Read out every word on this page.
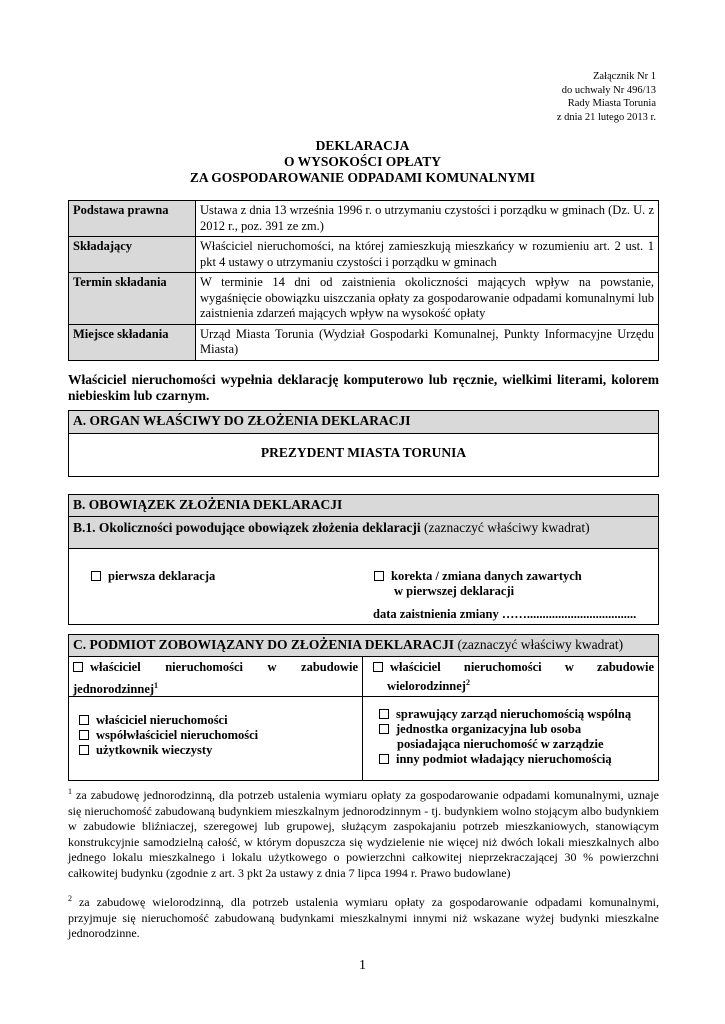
Załącznik Nr 1
do uchwały Nr 496/13
Rady Miasta Torunia
z dnia 21 lutego 2013 r.
DEKLARACJA
O WYSOKOŚCI OPŁATY
ZA GOSPODAROWANIE ODPADAMI KOMUNALNYMI
Podstawa prawna	Ustawa z dnia 13 września 1996 r. o utrzymaniu czystości i porządku w gminach (Dz. U. z 2012 r., poz. 391 ze zm.)
Składający	Właściciel nieruchomości, na której zamieszkują mieszkańcy w rozumieniu art. 2 ust. 1 pkt 4 ustawy o utrzymaniu czystości i porządku w gminach
Termin składania	W terminie 14 dni od zaistnienia okoliczności mających wpływ na powstanie, wygaśnięcie obowiązku uiszczania opłaty za gospodarowanie odpadami komunalnymi lub zaistnienia zdarzeń mających wpływ na wysokość opłaty
Miejsce składania	Urząd Miasta Torunia (Wydział Gospodarki Komunalnej, Punkty Informacyjne Urzędu Miasta)
Właściciel nieruchomości wypełnia deklarację komputerowo lub ręcznie, wielkimi literami, kolorem niebieskim lub czarnym.
A. ORGAN WŁAŚCIWY DO ZŁOŻENIA DEKLARACJI
PREZYDENT MIASTA TORUNIA
B. OBOWIĄZEK ZŁOŻENIA DEKLARACJI
B.1. Okoliczności powodujące obowiązek złożenia deklaracji (zaznaczyć właściwy kwadrat)
pierwsza deklaracja	korekta / zmiana danych zawartych
w pierwszej deklaracji
data zaistnienia zmiany ……...................................
C. PODMIOT ZOBOWIĄZANY DO ZŁOŻENIA DEKLARACJI (zaznaczyć właściwy kwadrat)
właściciel nieruchomości w zabudowie
jednorodzinnej$^1$
właściciel nieruchomości w zabudowie
wielorodzinnej$^2$
właściciel nieruchomości
współwłaściciel nieruchomości
użytkownik wieczysty
sprawujący zarząd nieruchomością wspólną
jednostka organizacyjna lub osoba
posiadająca nieruchomość w zarządzie
inny podmiot władający nieruchomością
$^1$ za zabudowę jednorodzinną, dla potrzeb ustalenia wymiaru opłaty za gospodarowanie odpadami komunalnymi, uznaje się nieruchomość zabudowaną budynkiem mieszkalnym jednorodzinnym - tj. budynkiem wolno stojącym albo budynkiem w zabudowie bliźniaczej, szeregowej lub grupowej, służącym zaspokajaniu potrzeb mieszkaniowych, stanowiącym konstrukcyjnie samodzielną całość, w którym dopuszcza się wydzielenie nie więcej niż dwóch lokali mieszkalnych albo jednego lokalu mieszkalnego i lokalu użytkowego o powierzchni całkowitej nieprzekraczającej 30 % powierzchni całkowitej budynku (zgodnie z art. 3 pkt 2a ustawy z dnia 7 lipca 1994 r. Prawo budowlane)
$^2$ za zabudowę wielorodzinną, dla potrzeb ustalenia wymiaru opłaty za gospodarowanie odpadami komunalnymi, przyjmuje się nieruchomość zabudowaną budynkami mieszkalnymi innymi niż wskazane wyżej budynki mieszkalne jednorodzinne.
1
